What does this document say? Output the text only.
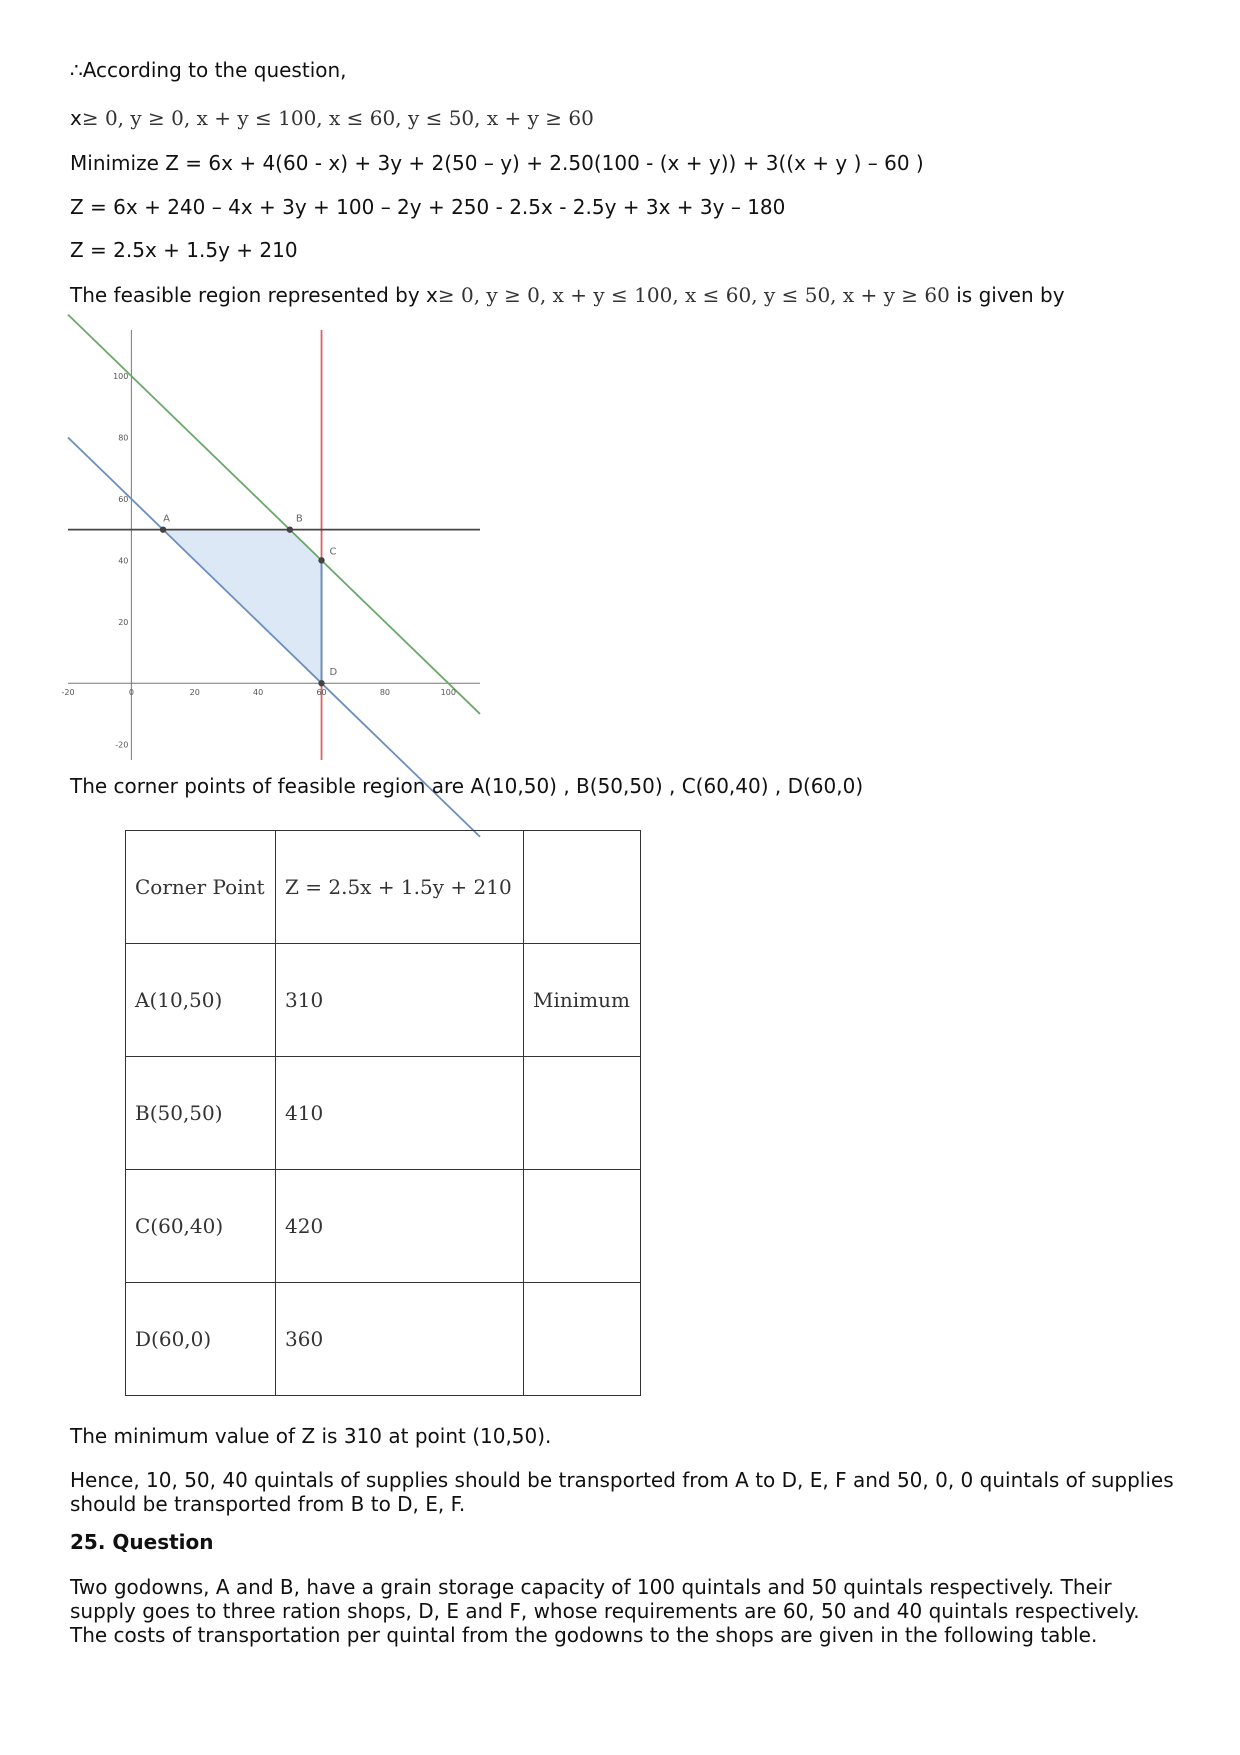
∴According to the question,
x≥ 0, y ≥ 0, x + y ≤ 100, x ≤ 60, y ≤ 50, x + y ≥ 60
Minimize Z = 6x + 4(60 - x) + 3y + 2(50 – y) + 2.50(100 - (x + y)) + 3((x + y ) – 60 )
Z = 6x + 240 – 4x + 3y + 100 – 2y + 250 - 2.5x - 2.5y + 3x + 3y – 180
Z = 2.5x + 1.5y + 210
The feasible region represented by x≥ 0, y ≥ 0, x + y ≤ 100, x ≤ 60, y ≤ 50, x + y ≥ 60 is given by
-20	0	20	40	60	80	100
100
80
60
40
20
-20
A	B
C
D
The corner points of feasible region are A(10,50) , B(50,50) , C(60,40) , D(60,0)
Corner Point	Z = 2.5x + 1.5y + 210	
A(10,50)	310	Minimum
B(50,50)	410	
C(60,40)	420	
D(60,0)	360	
The minimum value of Z is 310 at point (10,50).
Hence, 10, 50, 40 quintals of supplies should be transported from A to D, E, F and 50, 0, 0 quintals of supplies should be transported from B to D, E, F.
25. Question
Two godowns, A and B, have a grain storage capacity of 100 quintals and 50 quintals respectively. Their supply goes to three ration shops, D, E and F, whose requirements are 60, 50 and 40 quintals respectively. The costs of transportation per quintal from the godowns to the shops are given in the following table.
